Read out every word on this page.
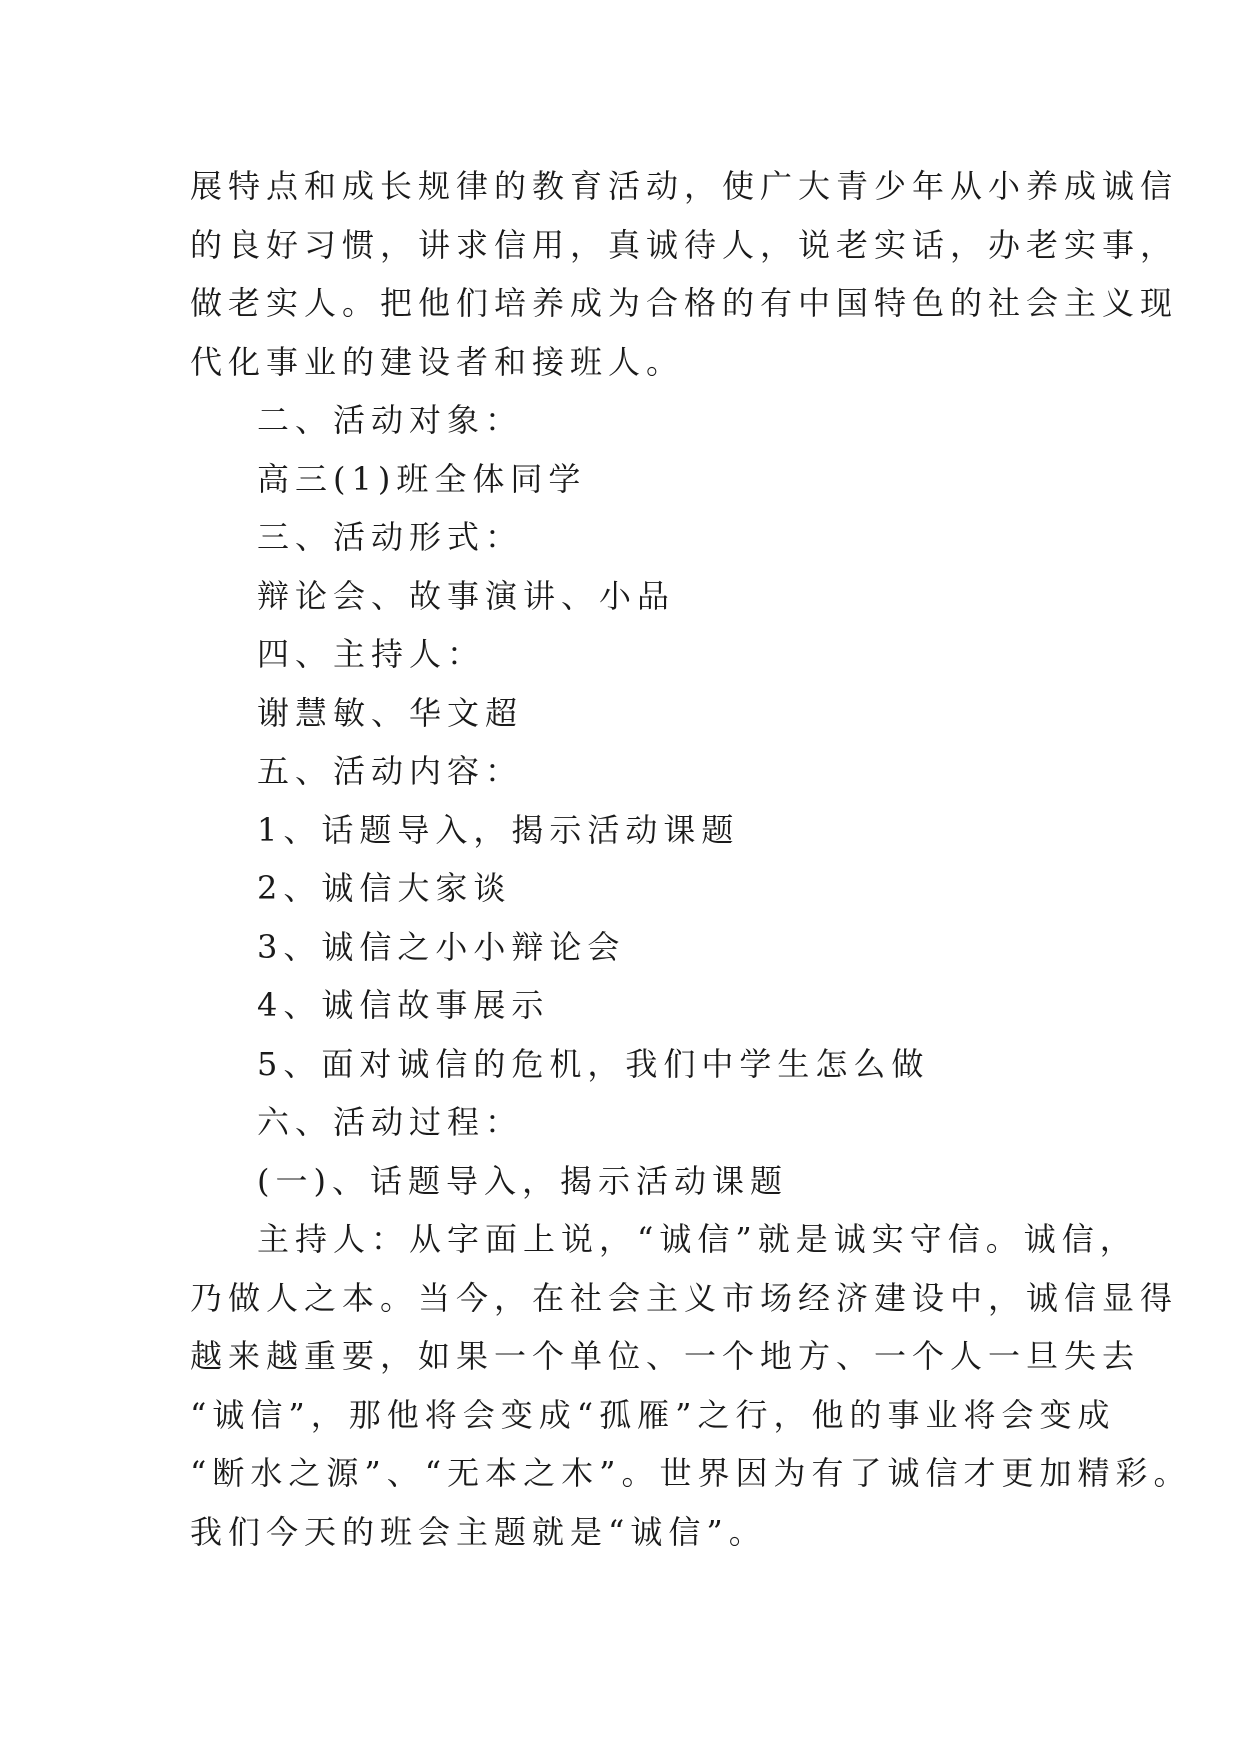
展特点和成长规律的教育活动，使广大青少年从小养成诚信
的良好习惯，讲求信用，真诚待人，说老实话，办老实事，
做老实人。把他们培养成为合格的有中国特色的社会主义现
代化事业的建设者和接班人。
二、活动对象：
高三(1)班全体同学
三、活动形式：
辩论会、故事演讲、小品
四、主持人：
谢慧敏、华文超
五、活动内容：
1、话题导入，揭示活动课题
2、诚信大家谈
3、诚信之小小辩论会
4、诚信故事展示
5、面对诚信的危机，我们中学生怎么做
六、活动过程：
(一)、话题导入，揭示活动课题
主持人：从字面上说，“诚信”就是诚实守信。诚信，
乃做人之本。当今，在社会主义市场经济建设中，诚信显得
越来越重要，如果一个单位、一个地方、一个人一旦失去
“诚信”，那他将会变成“孤雁”之行，他的事业将会变成
“断水之源”、“无本之木”。世界因为有了诚信才更加精彩。
我们今天的班会主题就是“诚信”。
